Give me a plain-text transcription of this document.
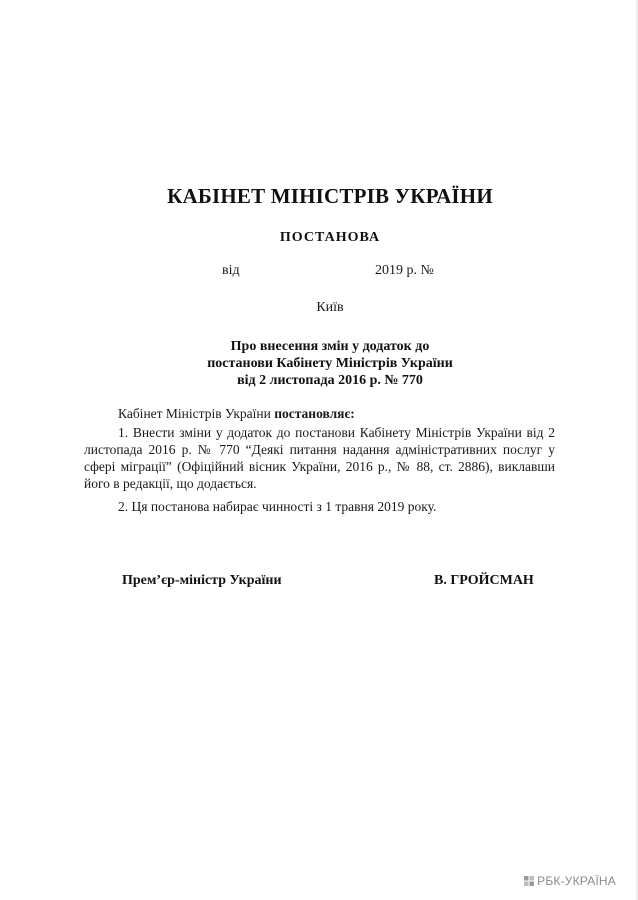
КАБІНЕТ МІНІСТРІВ УКРАЇНИ
ПОСТАНОВА
від	2019 р. №
Київ
Про внесення змін у додаток до
постанови Кабінету Міністрів України
від 2 листопада 2016 р. № 770

Кабінет Міністрів України постановляє:

1. Внести зміни у додаток до постанови Кабінету Міністрів України від 2 листопада 2016 р. № 770 “Деякі питання надання адміністративних послуг у сфері міграції” (Офіційний вісник України, 2016 р., № 88, ст. 2886), виклавши його в редакції, що додається.

2. Ця постанова набирає чинності з 1 травня 2019 року.

Прем’єр-міністр України	В. ГРОЙСМАН
РБК-УКРАЇНА
